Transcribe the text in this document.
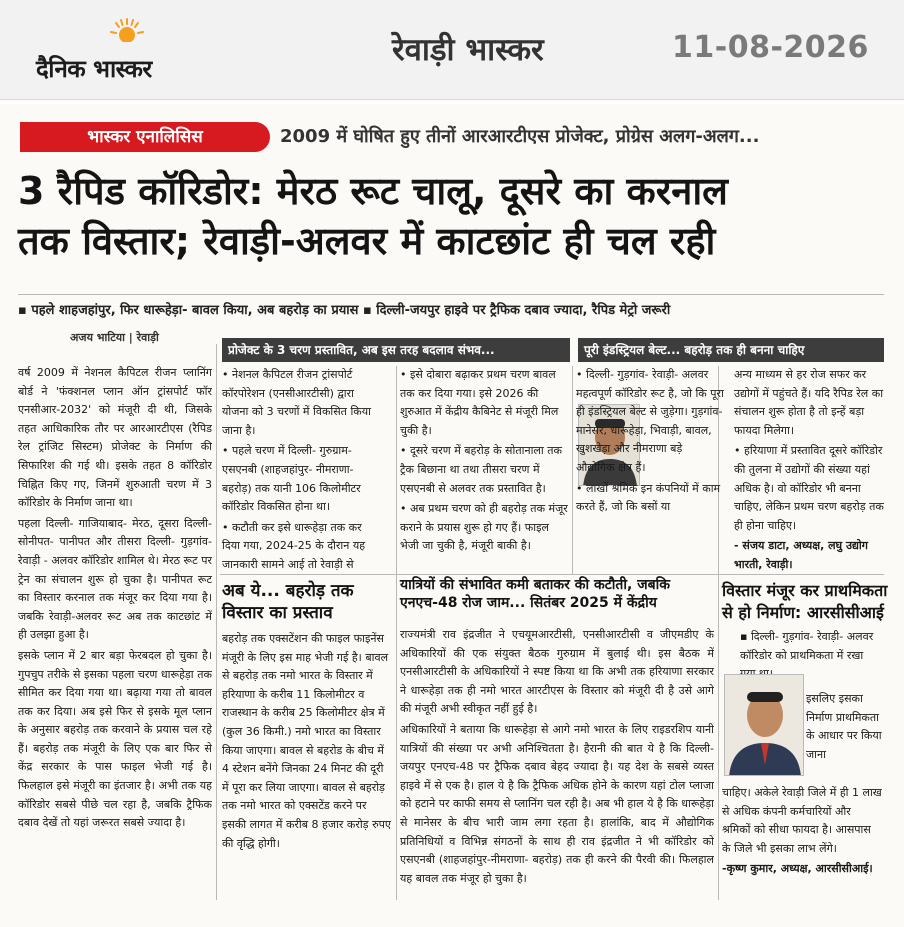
दैनिक भास्कर
रेवाड़ी भास्कर	11-08-2026
भास्कर एनालिसिस	2009 में घोषित हुए तीनों आरआरटीएस प्रोजेक्ट, प्रोग्रेस अलग-अलग...
3 रैपिड कॉरिडोर: मेरठ रूट चालू, दूसरे का करनाल
तक विस्तार; रेवाड़ी-अलवर में काटछांट ही चल रही
▪ पहले शाहजहांपुर, फिर धारूहेड़ा- बावल किया, अब बहरोड़ का प्रयास ▪ दिल्ली-जयपुर हाइवे पर ट्रैफिक दबाव ज्यादा, रैपिड मेट्रो जरूरी
अजय भाटिया | रेवाड़ी
प्रोजेक्ट के 3 चरण प्रस्तावित, अब इस तरह बदलाव संभव...	पूरी इंडस्ट्रियल बेल्ट... बहरोड़ तक ही बनना चाहिए

वर्ष 2009 में नेशनल कैपिटल रीजन प्लानिंग बोर्ड ने 'फंक्शनल प्लान ऑन ट्रांसपोर्ट फॉर एनसीआर-2032' को मंजूरी दी थी, जिसके तहत आधिकारिक तौर पर आरआरटीएस (रैपिड रेल ट्रांजिट सिस्टम) प्रोजेक्ट के निर्माण की सिफारिश की गई थी। इसके तहत 8 कॉरिडोर चिह्नित किए गए, जिनमें शुरुआती चरण में 3 कॉरिडोर के निर्माण जाना था।

पहला दिल्ली- गाजियाबाद- मेरठ, दूसरा दिल्ली- सोनीपत- पानीपत और तीसरा दिल्ली- गुड़गांव- रेवाड़ी - अलवर कॉरिडोर शामिल थे। मेरठ रूट पर ट्रेन का संचालन शुरू हो चुका है। पानीपत रूट का विस्तार करनाल तक मंजूर कर दिया गया है। जबकि रेवाड़ी-अलवर रूट अब तक काटछांट में ही उलझा हुआ है।

इसके प्लान में 2 बार बड़ा फेरबदल हो चुका है। गुपचुप तरीके से इसका पहला चरण धारूहेड़ा तक सीमित कर दिया गया था। बढ़ाया गया तो बावल तक कर दिया। अब इसे फिर से इसके मूल प्लान के अनुसार बहरोड़ तक करवाने के प्रयास चल रहे हैं। बहरोड़ तक मंजूरी के लिए एक बार फिर से केंद्र सरकार के पास फाइल भेजी गई है। फिलहाल इसे मंजूरी का इंतजार है। अभी तक यह कॉरिडोर सबसे पीछे चल रहा है, जबकि ट्रैफिक दबाव देखें तो यहां जरूरत सबसे ज्यादा है।

• नेशनल कैपिटल रीजन ट्रांसपोर्ट कॉरपोरेशन (एनसीआरटीसी) द्वारा योजना को 3 चरणों में विकसित किया जाना है।

• पहले चरण में दिल्ली- गुरुग्राम- एसएनबी (शाहजहांपुर- नीमराणा- बहरोड़) तक यानी 106 किलोमीटर कॉरिडोर विकसित होना था।

• कटौती कर इसे धारूहेड़ा तक कर दिया गया, 2024-25 के दौरान यह जानकारी सामने आई तो रेवाड़ी से

• इसे दोबारा बढ़ाकर प्रथम चरण बावल तक कर दिया गया। इसे 2026 की शुरुआत में केंद्रीय कैबिनेट से मंजूरी मिल चुकी है।

• दूसरे चरण में बहरोड़ के सोतानाला तक ट्रैक बिछाना था तथा तीसरा चरण में एसएनबी से अलवर तक प्रस्तावित है।

• अब प्रथम चरण को ही बहरोड़ तक मंजूर कराने के प्रयास शुरू हो गए हैं। फाइल भेजी जा चुकी है, मंजूरी बाकी है।

• दिल्ली- गुड़गांव- रेवाड़ी- अलवर महत्वपूर्ण कॉरिडोर रूट है, जो कि पूरा ही इंडस्ट्रियल बेल्ट से जुड़ेगा। गुड़गांव- मानेसर, धारूहेड़ा, भिवाड़ी, बावल, खुशखेड़ा और नीमराणा बड़े औद्योगिक क्षेत्र हैं।

• लाखों श्रमिक इन कंपनियों में काम करते हैं, जो कि बसों या

अन्य माध्यम से हर रोज सफर कर उद्योगों में पहुंचते हैं। यदि रैपिड रेल का संचालन शुरू होता है तो इन्हें बड़ा फायदा मिलेगा।

• हरियाणा में प्रस्तावित दूसरे कॉरिडोर की तुलना में उद्योगों की संख्या यहां अधिक है। वो कॉरिडोर भी बनना चाहिए, लेकिन प्रथम चरण बहरोड़ तक ही होना चाहिए।

- संजय डाटा, अध्यक्ष, लघु उद्योग भारती, रेवाड़ी।

अब ये... बहरोड़ तक विस्तार का प्रस्ताव
बहरोड़ तक एक्सटेंशन की फाइल फाइनेंस मंजूरी के लिए इस माह भेजी गई है। बावल से बहरोड़ तक नमो भारत के विस्तार में हरियाणा के करीब 11 किलोमीटर व राजस्थान के करीब 25 किलोमीटर क्षेत्र में (कुल 36 किमी.) नमो भारत का विस्तार किया जाएगा। बावल से बहरोड के बीच में 4 स्टेशन बनेंगे जिनका 24 मिनट की दूरी में पूरा कर लिया जाएगा। बावल से बहरोड़ तक नमो भारत को एक्सटेंड करने पर इसकी लागत में करीब 8 हजार करोड़ रुपए की वृद्धि होगी।
यात्रियों की संभावित कमी बताकर की कटौती, जबकि एनएच-48 रोज जाम... सितंबर 2025 में केंद्रीय

राज्यमंत्री राव इंद्रजीत ने एचयूमआरटीसी, एनसीआरटीसी व जीएमडीए के अधिकारियों की एक संयुक्त बैठक गुरुग्राम में बुलाई थी। इस बैठक में एनसीआरटीसी के अधिकारियों ने स्पष्ट किया था कि अभी तक हरियाणा सरकार ने धारूहेड़ा तक ही नमो भारत आरटीएस के विस्तार को मंजूरी दी है उसे आगे की मंजूरी अभी स्वीकृत नहीं हुई है।

अधिकारियों ने बताया कि धारूहेड़ा से आगे नमो भारत के लिए राइडरशिप यानी यात्रियों की संख्या पर अभी अनिश्चितता है। हैरानी की बात ये है कि दिल्ली-जयपुर एनएच-48 पर ट्रैफिक दबाव बेहद ज्यादा है। यह देश के सबसे व्यस्त हाइवे में से एक है। हाल ये है कि ट्रैफिक अधिक होने के कारण यहां टोल प्लाजा को हटाने पर काफी समय से प्लानिंग चल रही है। अब भी हाल ये है कि धारूहेड़ा से मानेसर के बीच भारी जाम लगा रहता है। हालांकि, बाद में औद्योगिक प्रतिनिधियों व विभिन्न संगठनों के साथ ही राव इंद्रजीत ने भी कॉरिडोर को एसएनबी (शाहजहांपुर-नीमराणा- बहरोड़) तक ही करने की पैरवी की। फिलहाल यह बावल तक मंजूर हो चुका है।

विस्तार मंजूर कर प्राथमिकता से हो निर्माण: आरसीसीआई
▪ दिल्ली- गुड़गांव- रेवाड़ी- अलवर कॉरिडोर को प्राथमिकता में रखा
इसलिए इसका निर्माण प्राथमिकता के आधार पर किया जाना

चाहिए। अकेले रेवाड़ी जिले में ही 1 लाख से अधिक कंपनी कर्मचारियों और श्रमिकों को सीधा फायदा है। आसपास के जिले भी इसका लाभ लेंगे।

-कृष्ण कुमार, अध्यक्ष, आरसीसीआई।
